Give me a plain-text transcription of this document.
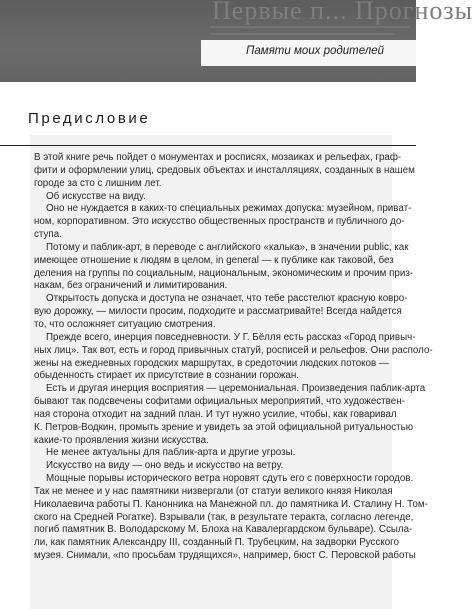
Первые п... Прогнозы
Памяти моих родителей
Предисловие
В этой книге речь пойдет о монументах и росписях, мозаиках и рельефах, граф-
фити и оформлении улиц, средовых объектах и инсталляциях, созданных в нашем
городе за сто с лишним лет.
Об искусстве на виду.
Оно не нуждается в каких-то специальных режимах допуска: музейном, приват-
ном, корпоративном. Это искусство общественных пространств и публичного до-
ступа.
Потому и паблик-арт, в переводе с английского «калька», в значении public, как
имеющее отношение к людям в целом, in general — к публике как таковой, без
деления на группы по социальным, национальным, экономическим и прочим приз-
накам, без ограничений и лимитирования.
Открытость допуска и доступа не означает, что тебе расстелют красную ковро-
вую дорожку, — милости просим, подходите и рассматривайте! Всегда найдется
то, что осложняет ситуацию смотрения.
Прежде всего, инерция повседневности. У Г. Бёлля есть рассказ «Город привыч-
ных лиц». Так вот, есть и город привычных статуй, росписей и рельефов. Они располо-
жены на ежедневных городских маршрутах, в средоточии людских потоков —
обыденность стирает их присутствие в сознании горожан.
Есть и другая инерция восприятия — церемониальная. Произведения паблик-арта
бывают так подсвечены софитами официальных мероприятий, что художествен-
ная сторона отходит на задний план. И тут нужно усилие, чтобы, как говаривал
К. Петров-Водкин, промыть зрение и увидеть за этой официальной ритуальностью
какие-то проявления жизни искусства.
Не менее актуальны для паблик-арта и другие угрозы.
Искусство на виду — оно ведь и искусство на ветру.
Мощные порывы исторического ветра норовят сдуть его с поверхности городов.
Так не менее и у нас памятники низвергали (от статуи великого князя Николая
Николаевича работы П. Канонника на Манежной пл. до памятника И. Сталину Н. Том-
ского на Средней Рогатке). Взрывали (так, в результате теракта, согласно легенде,
погиб памятник В. Володарскому М. Блоха на Кавалергардском бульваре). Ссыла-
ли, как памятник Александру III, созданный П. Трубецким, на задворки Русского
музея. Снимали, «по просьбам трудящихся», например, бюст С. Перовской работы
